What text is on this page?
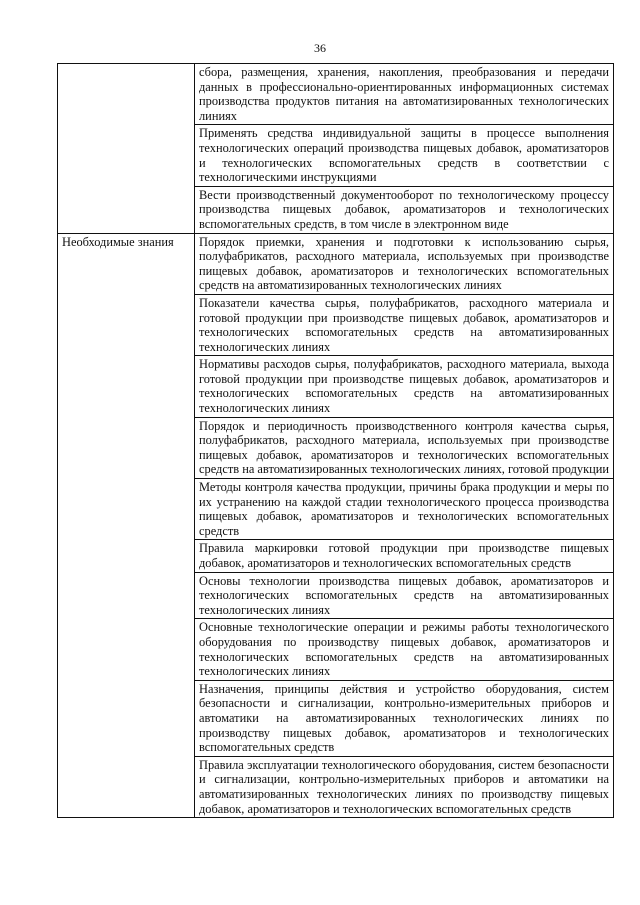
36

	сбора, размещения, хранения, накопления, преобразования и передачи данных в профессионально-ориентированных информационных системах производства продуктов питания на автоматизированных технологических линиях

	Применять средства индивидуальной защиты в процессе выполнения технологических операций производства пищевых добавок, ароматизаторов и технологических вспомогательных средств в соответствии с технологическими инструкциями

	Вести производственный документооборот по технологическому процессу производства пищевых добавок, ароматизаторов и технологических вспомогательных средств, в том числе в электронном виде

Необходимые знания	Порядок приемки, хранения и подготовки к использованию сырья, полуфабрикатов, расходного материала, используемых при производстве пищевых добавок, ароматизаторов и технологических вспомогательных средств на автоматизированных технологических линиях

	Показатели качества сырья, полуфабрикатов, расходного материала и готовой продукции при производстве пищевых добавок, ароматизаторов и технологических вспомогательных средств на автоматизированных технологических линиях

	Нормативы расходов сырья, полуфабрикатов, расходного материала, выхода готовой продукции при производстве пищевых добавок, ароматизаторов и технологических вспомогательных средств на автоматизированных технологических линиях

	Порядок и периодичность производственного контроля качества сырья, полуфабрикатов, расходного материала, используемых при производстве пищевых добавок, ароматизаторов и технологических вспомогательных средств на автоматизированных технологических линиях, готовой продукции

	Методы контроля качества продукции, причины брака продукции и меры по их устранению на каждой стадии технологического процесса производства пищевых добавок, ароматизаторов и технологических вспомогательных средств

	Правила маркировки готовой продукции при производстве пищевых добавок, ароматизаторов и технологических вспомогательных средств

	Основы технологии производства пищевых добавок, ароматизаторов и технологических вспомогательных средств на автоматизированных технологических линиях

	Основные технологические операции и режимы работы технологического оборудования по производству пищевых добавок, ароматизаторов и технологических вспомогательных средств на автоматизированных технологических линиях

	Назначения, принципы действия и устройство оборудования, систем безопасности и сигнализации, контрольно-измерительных приборов и автоматики на автоматизированных технологических линиях по производству пищевых добавок, ароматизаторов и технологических вспомогательных средств

	Правила эксплуатации технологического оборудования, систем безопасности и сигнализации, контрольно-измерительных приборов и автоматики на автоматизированных технологических линиях по производству пищевых добавок, ароматизаторов и технологических вспомогательных средств
